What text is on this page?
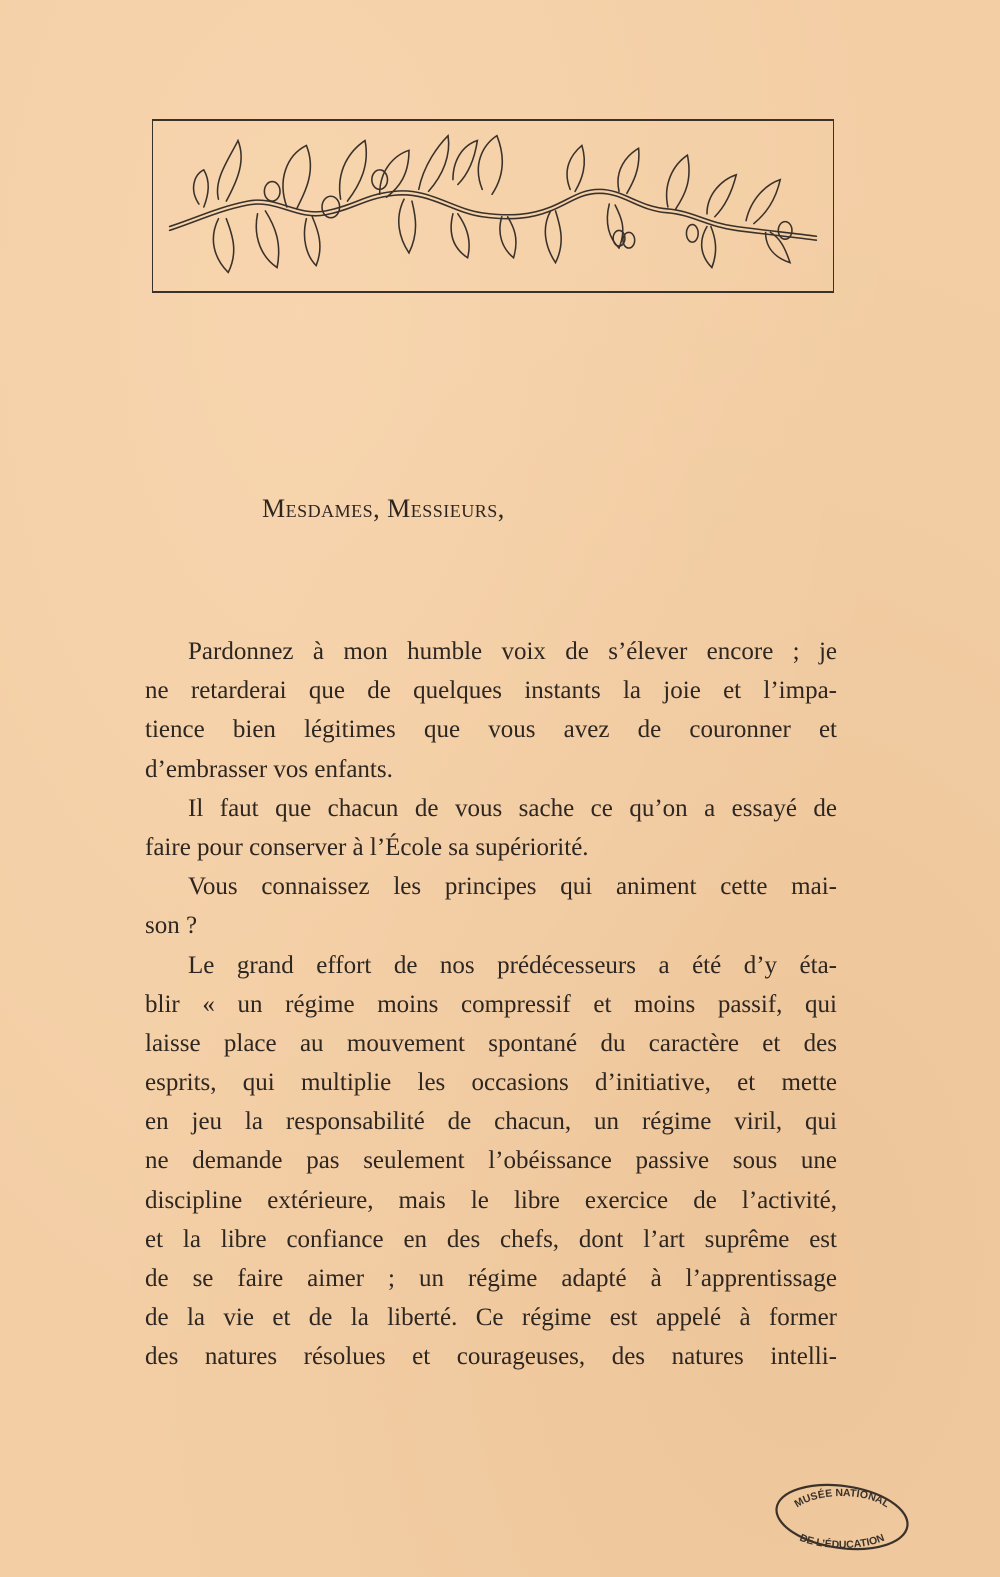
Mesdames, Messieurs,
Pardonnez à mon humble voix de s’élever encore ; je
ne retarderai que de quelques instants la joie et l’impa-
tience bien légitimes que vous avez de couronner et
d’embrasser vos enfants.
Il faut que chacun de vous sache ce qu’on a essayé de
faire pour conserver à l’École sa supériorité.
Vous connaissez les principes qui animent cette mai-
son ?
Le grand effort de nos prédécesseurs a été d’y éta-
blir « un régime moins compressif et moins passif, qui
laisse place au mouvement spontané du caractère et des
esprits, qui multiplie les occasions d’initiative, et mette
en jeu la responsabilité de chacun, un régime viril, qui
ne demande pas seulement l’obéissance passive sous une
discipline extérieure, mais le libre exercice de l’activité,
et la libre confiance en des chefs, dont l’art suprême est
de se faire aimer ; un régime adapté à l’apprentissage
de la vie et de la liberté. Ce régime est appelé à former
des natures résolues et courageuses, des natures intelli-
MUSÉE NATIONAL
DE L’ÉDUCATION
